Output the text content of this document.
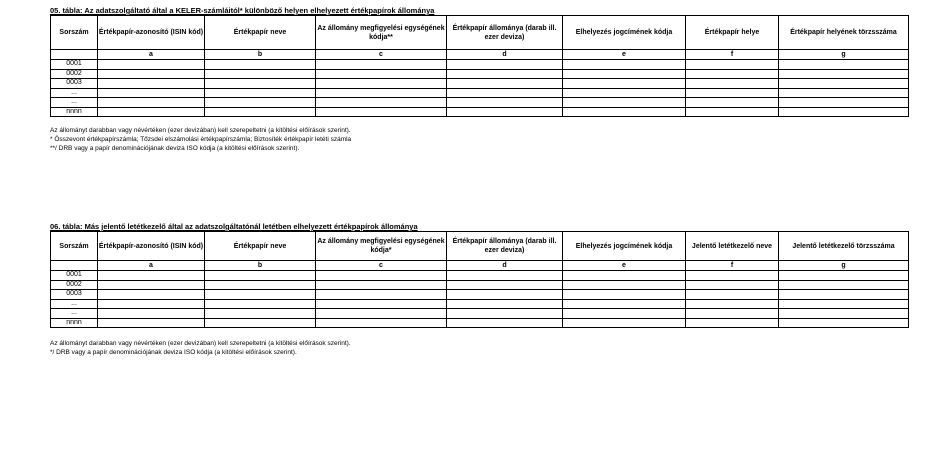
05. tábla: Az adatszolgáltató által a KELER-számláitól* különböző helyen elhelyezett értékpapírok állománya
Sorszám	Értékpapír-azonosító (ISIN kód)	Értékpapír neve	Az állomány megfigyelési egységének kódja**	Értékpapír állománya (darab ill. ezer deviza)	Elhelyezés jogcímének kódja	Értékpapír helye	Értékpapír helyének törzsszáma
	a	b	c	d	e	f	g
0001							
0002							
0003							
...							
...							
nnnn							
Az állományt darabban vagy névértéken (ezer devizában) kell szerepeltetni (a kitöltési előírások szerint).
* Összevont értékpapírszámla; Tőzsdei elszámolási értékpapírszámla; Biztosíték értékpapír letéti számla
**/ DRB vagy a papír denominációjának deviza ISO kódja (a kitöltési előírások szerint).
06. tábla: Más jelentő letétkezelő által az adatszolgáltatónál letétben elhelyezett értékpapírok állománya
Sorszám	Értékpapír-azonosító (ISIN kód)	Értékpapír neve	Az állomány megfigyelési egységének kódja*	Értékpapír állománya (darab ill. ezer deviza)	Elhelyezés jogcímének kódja	Jelentő letétkezelő neve	Jelentő letétkezelő törzsszáma
	a	b	c	d	e	f	g
0001							
0002							
0003							
...							
...							
nnnn							
Az állományt darabban vagy névértéken (ezer devizában) kell szerepeltetni (a kitöltési előírások szerint).
*/ DRB vagy a papír denominációjának deviza ISO kódja (a kitöltési előírások szerint).
